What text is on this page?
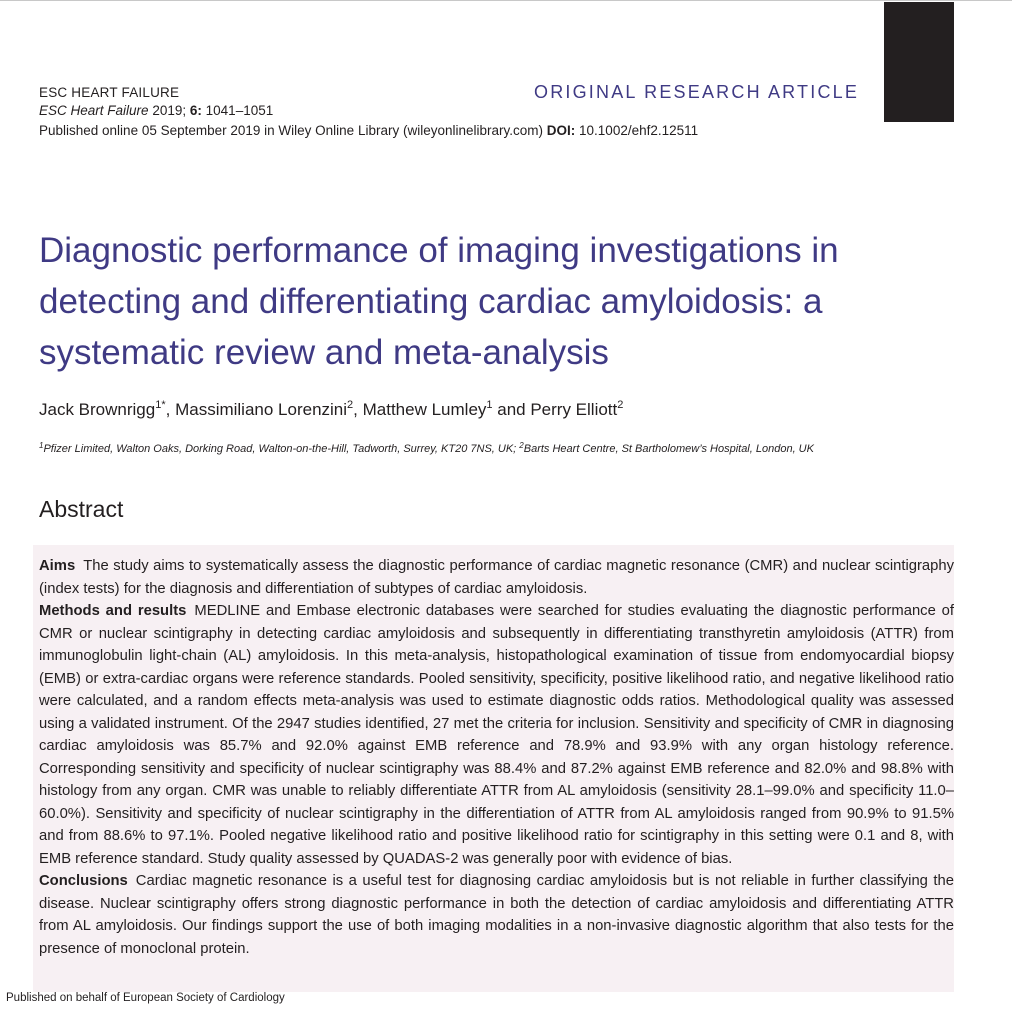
ESC HEART FAILURE
ESC Heart Failure 2019; 6: 1041–1051
Published online 05 September 2019 in Wiley Online Library (wileyonlinelibrary.com) DOI: 10.1002/ehf2.12511
ORIGINAL RESEARCH ARTICLE
Diagnostic performance of imaging investigations in detecting and differentiating cardiac amyloidosis: a systematic review and meta-analysis
Jack Brownrigg$^{1*}$, Massimiliano Lorenzini$^2$, Matthew Lumley$^1$ and Perry Elliott$^2$
$^1$Pfizer Limited, Walton Oaks, Dorking Road, Walton-on-the-Hill, Tadworth, Surrey, KT20 7NS, UK; $^2$Barts Heart Centre, St Bartholomew’s Hospital, London, UK
Abstract

Aims The study aims to systematically assess the diagnostic performance of cardiac magnetic resonance (CMR) and nuclear scintigraphy (index tests) for the diagnosis and differentiation of subtypes of cardiac amyloidosis.

Methods and results MEDLINE and Embase electronic databases were searched for studies evaluating the diagnostic performance of CMR or nuclear scintigraphy in detecting cardiac amyloidosis and subsequently in differentiating transthyretin amyloidosis (ATTR) from immunoglobulin light-chain (AL) amyloidosis. In this meta-analysis, histopathological examination of tissue from endomyocardial biopsy (EMB) or extra-cardiac organs were reference standards. Pooled sensitivity, specificity, positive likelihood ratio, and negative likelihood ratio were calculated, and a random effects meta-analysis was used to estimate diagnostic odds ratios. Methodological quality was assessed using a validated instrument. Of the 2947 studies identified, 27 met the criteria for inclusion. Sensitivity and specificity of CMR in diagnosing cardiac amyloidosis was 85.7% and 92.0% against EMB reference and 78.9% and 93.9% with any organ histology reference. Corresponding sensitivity and specificity of nuclear scintigraphy was 88.4% and 87.2% against EMB reference and 82.0% and 98.8% with histology from any organ. CMR was unable to reliably differentiate ATTR from AL amyloidosis (sensitivity 28.1–99.0% and specificity 11.0–60.0%). Sensitivity and specificity of nuclear scintigraphy in the differentiation of ATTR from AL amyloidosis ranged from 90.9% to 91.5% and from 88.6% to 97.1%. Pooled negative likelihood ratio and positive likelihood ratio for scintigraphy in this setting were 0.1 and 8, with EMB reference standard. Study quality assessed by QUADAS-2 was generally poor with evidence of bias.

Conclusions Cardiac magnetic resonance is a useful test for diagnosing cardiac amyloidosis but is not reliable in further classifying the disease. Nuclear scintigraphy offers strong diagnostic performance in both the detection of cardiac amyloidosis and differentiating ATTR from AL amyloidosis. Our findings support the use of both imaging modalities in a non-invasive diagnostic algorithm that also tests for the presence of monoclonal protein.

Published on behalf of European Society of Cardiology
